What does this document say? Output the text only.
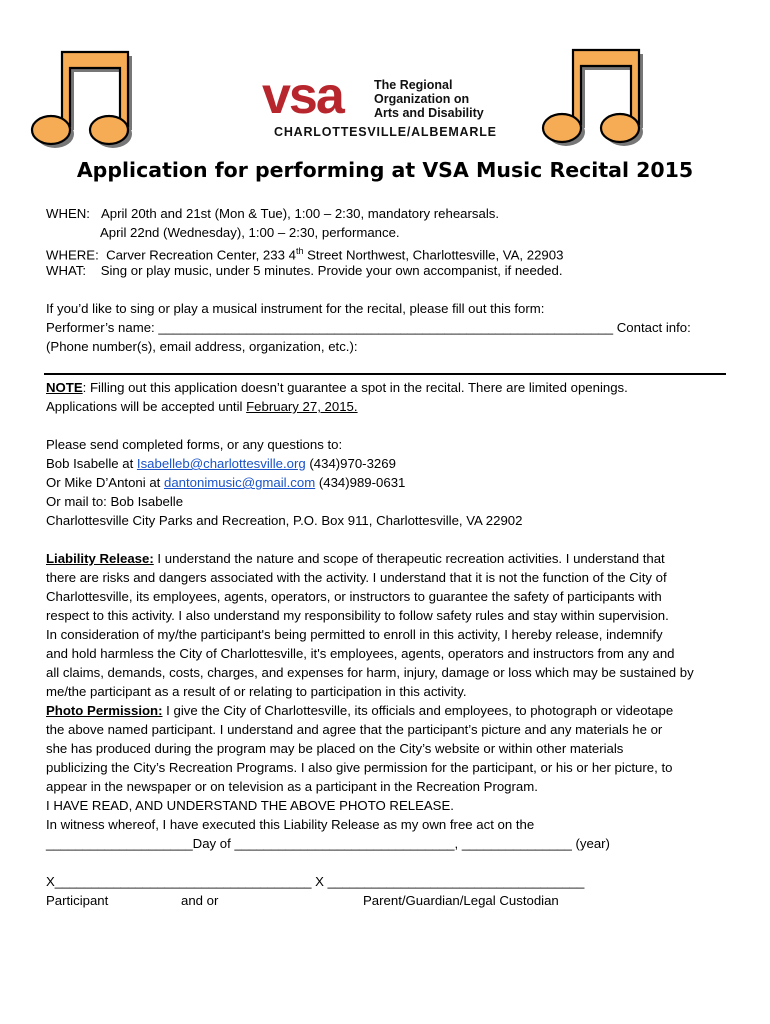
vsa The Regional
Organization on
Arts and Disability
CHARLOTTESVILLE/ALBEMARLE
Application for performing at VSA Music Recital 2015
WHEN: April 20th and 21st (Mon & Tue), 1:00 – 2:30, mandatory rehearsals.
April 22nd (Wednesday), 1:00 – 2:30, performance.
WHERE: Carver Recreation Center, 233 4th Street Northwest, Charlottesville, VA, 22903
WHAT: Sing or play music, under 5 minutes. Provide your own accompanist, if needed.
If you’d like to sing or play a musical instrument for the recital, please fill out this form:
Performer’s name: ______________________________________________________________ Contact info:
(Phone number(s), email address, organization, etc.):
NOTE: Filling out this application doesn’t guarantee a spot in the recital. There are limited openings.
Applications will be accepted until February 27, 2015.
Please send completed forms, or any questions to:
Bob Isabelle at Isabelleb@charlottesville.org (434)970-3269
Or Mike D’Antoni at dantonimusic@gmail.com (434)989-0631
Or mail to: Bob Isabelle
Charlottesville City Parks and Recreation, P.O. Box 911, Charlottesville, VA 22902
Liability Release: I understand the nature and scope of therapeutic recreation activities. I understand that
there are risks and dangers associated with the activity. I understand that it is not the function of the City of
Charlottesville, its employees, agents, operators, or instructors to guarantee the safety of participants with
respect to this activity. I also understand my responsibility to follow safety rules and stay within supervision.
In consideration of my/the participant's being permitted to enroll in this activity, I hereby release, indemnify
and hold harmless the City of Charlottesville, it's employees, agents, operators and instructors from any and
all claims, demands, costs, charges, and expenses for harm, injury, damage or loss which may be sustained by
me/the participant as a result of or relating to participation in this activity.
Photo Permission: I give the City of Charlottesville, its officials and employees, to photograph or videotape
the above named participant. I understand and agree that the participant’s picture and any materials he or
she has produced during the program may be placed on the City’s website or within other materials
publicizing the City’s Recreation Programs. I also give permission for the participant, or his or her picture, to
appear in the newspaper or on television as a participant in the Recreation Program.
I HAVE READ, AND UNDERSTAND THE ABOVE PHOTO RELEASE.
In witness whereof, I have executed this Liability Release as my own free act on the
____________________Day of ______________________________, _______________ (year)
X___________________________________ X ___________________________________
Participant	and or	Parent/Guardian/Legal Custodian
